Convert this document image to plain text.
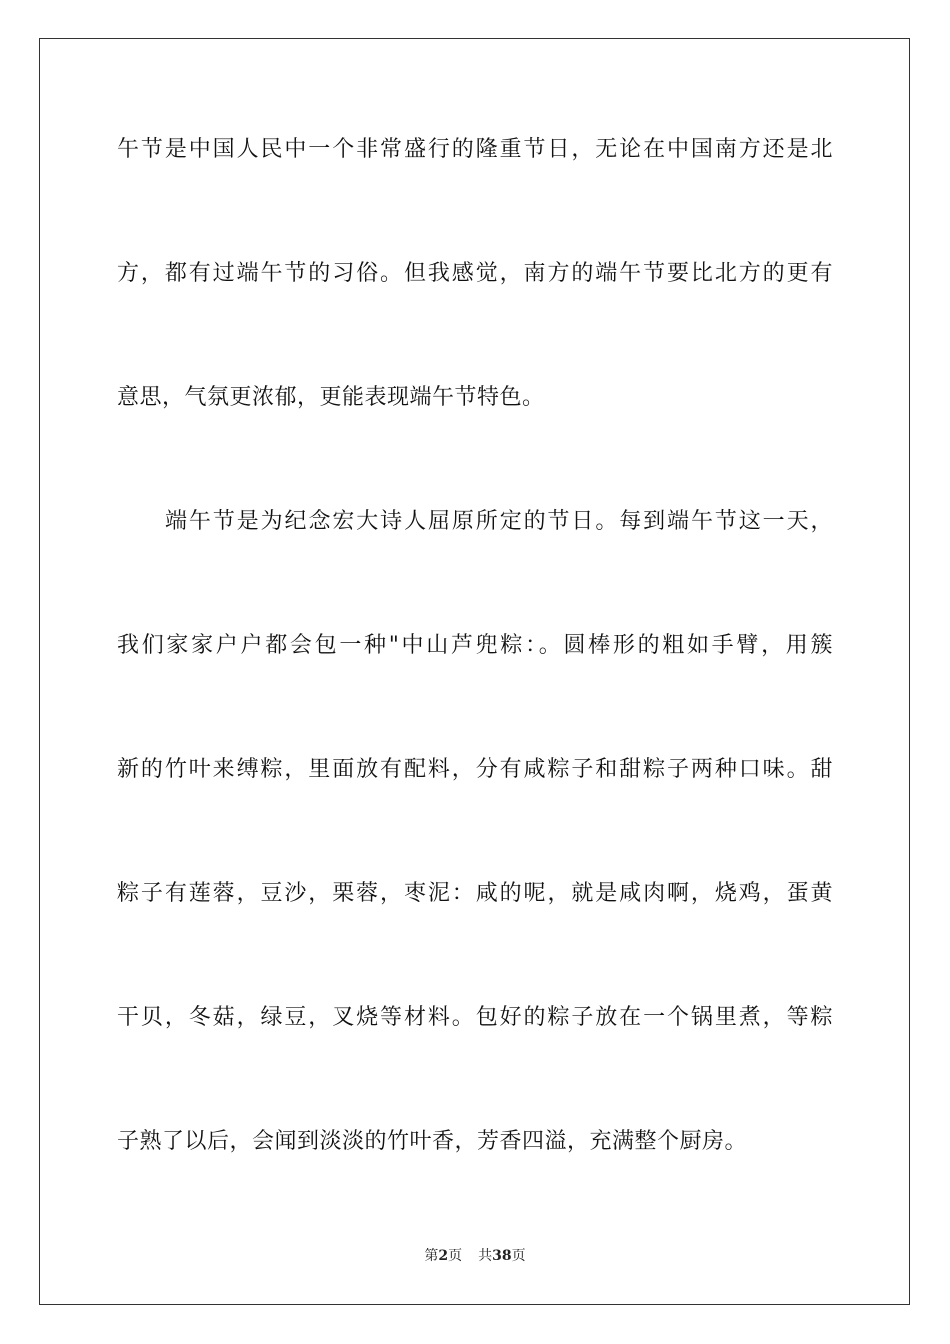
午节是中国人民中一个非常盛行的隆重节日，无论在中国南方还是北
方，都有过端午节的习俗。但我感觉，南方的端午节要比北方的更有
意思，气氛更浓郁，更能表现端午节特色。
端午节是为纪念宏大诗人屈原所定的节日。每到端午节这一天，
我们家家户户都会包一种"中山芦兜粽：。圆棒形的粗如手臂，用簇
新的竹叶来缚粽，里面放有配料，分有咸粽子和甜粽子两种口味。甜
粽子有莲蓉，豆沙，栗蓉，枣泥：咸的呢，就是咸肉啊，烧鸡，蛋黄
干贝，冬菇，绿豆，叉烧等材料。包好的粽子放在一个锅里煮，等粽
子熟了以后，会闻到淡淡的竹叶香，芳香四溢，充满整个厨房。
第2页 共38页
